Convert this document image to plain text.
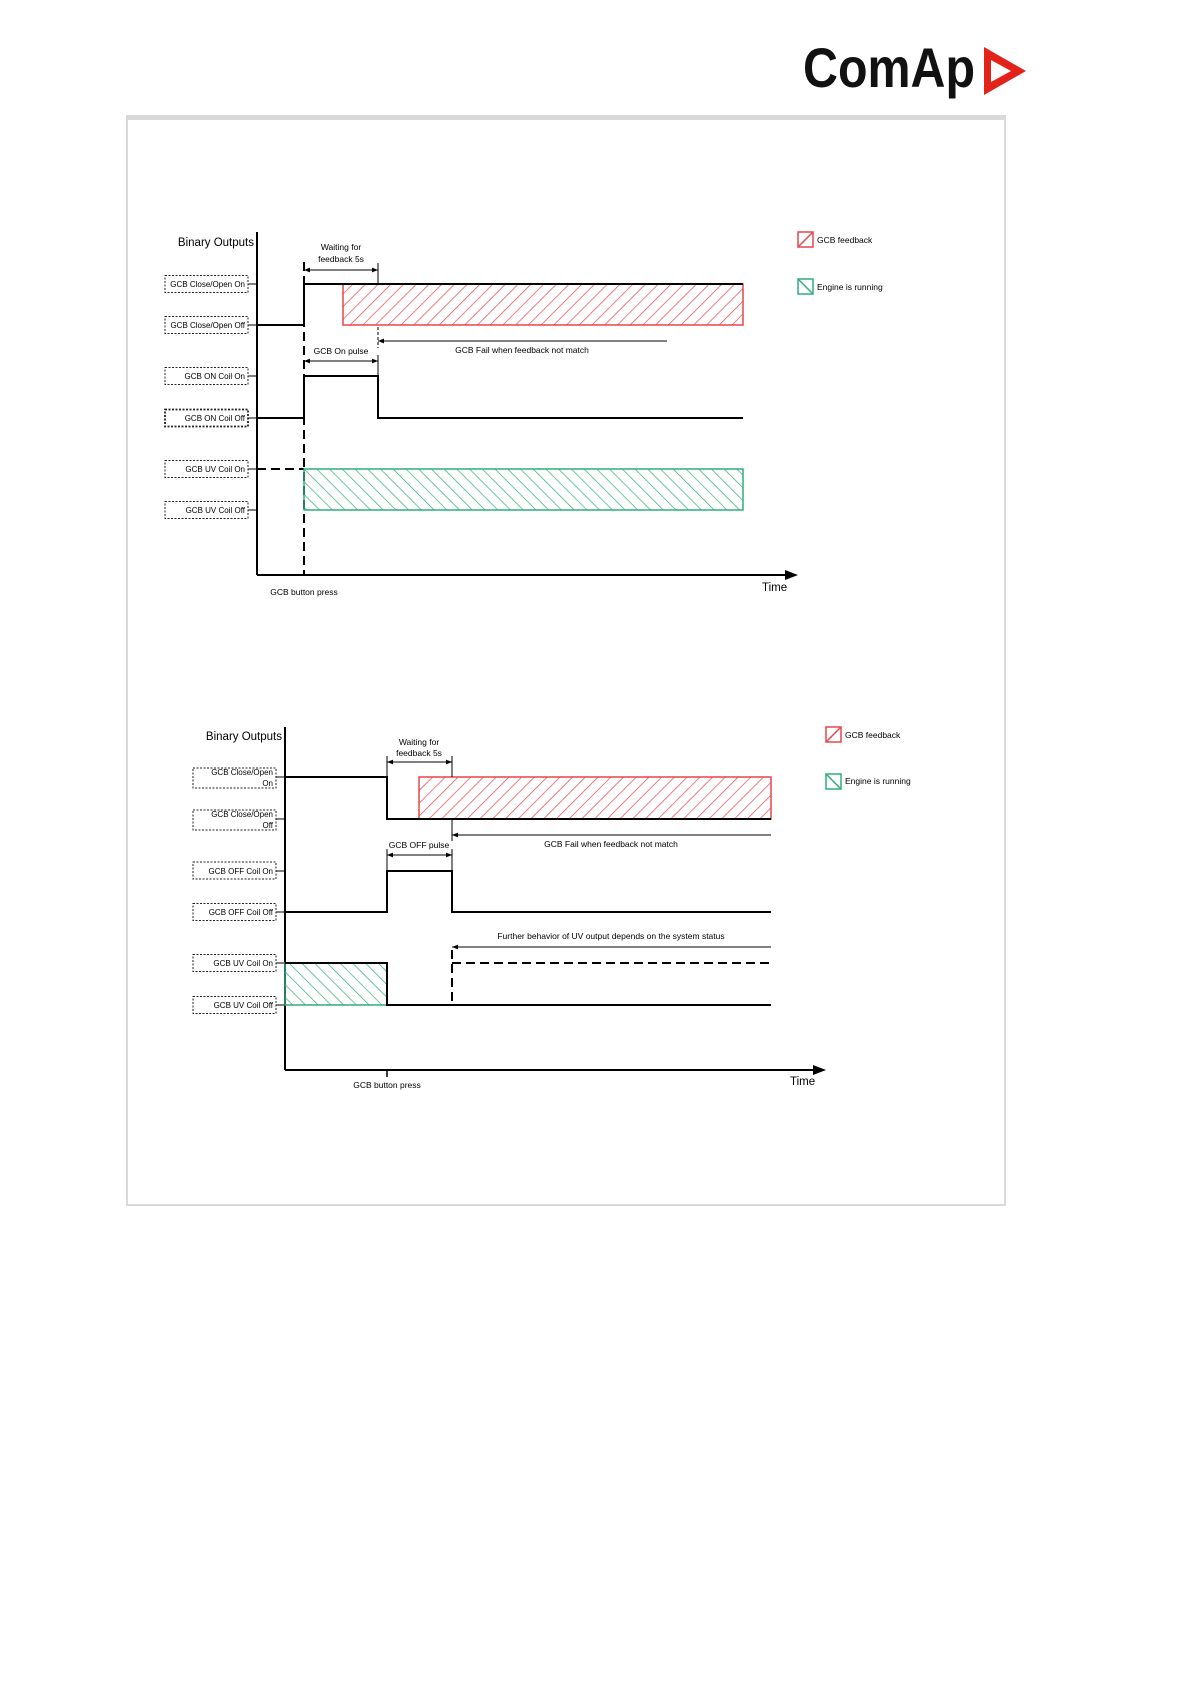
ComAp
Binary Outputs
Time
GCB Close/Open On
GCB Close/Open Off
GCB ON Coil On
GCB ON Coil Off
GCB UV Coil On
GCB UV Coil Off
GCB button press
Waiting for
feedback 5s
GCB Fail when feedback not match
GCB On pulse
GCB feedback
Engine is running
Binary Outputs
Time
GCB Close/Open
On
GCB Close/Open
Off
GCB OFF Coil On
GCB OFF Coil Off
GCB UV Coil On
GCB UV Coil Off
GCB button press
Waiting for
feedback 5s
GCB Fail when feedback not match
GCB OFF pulse
Further behavior of UV output depends on the system status
GCB feedback
Engine is running
